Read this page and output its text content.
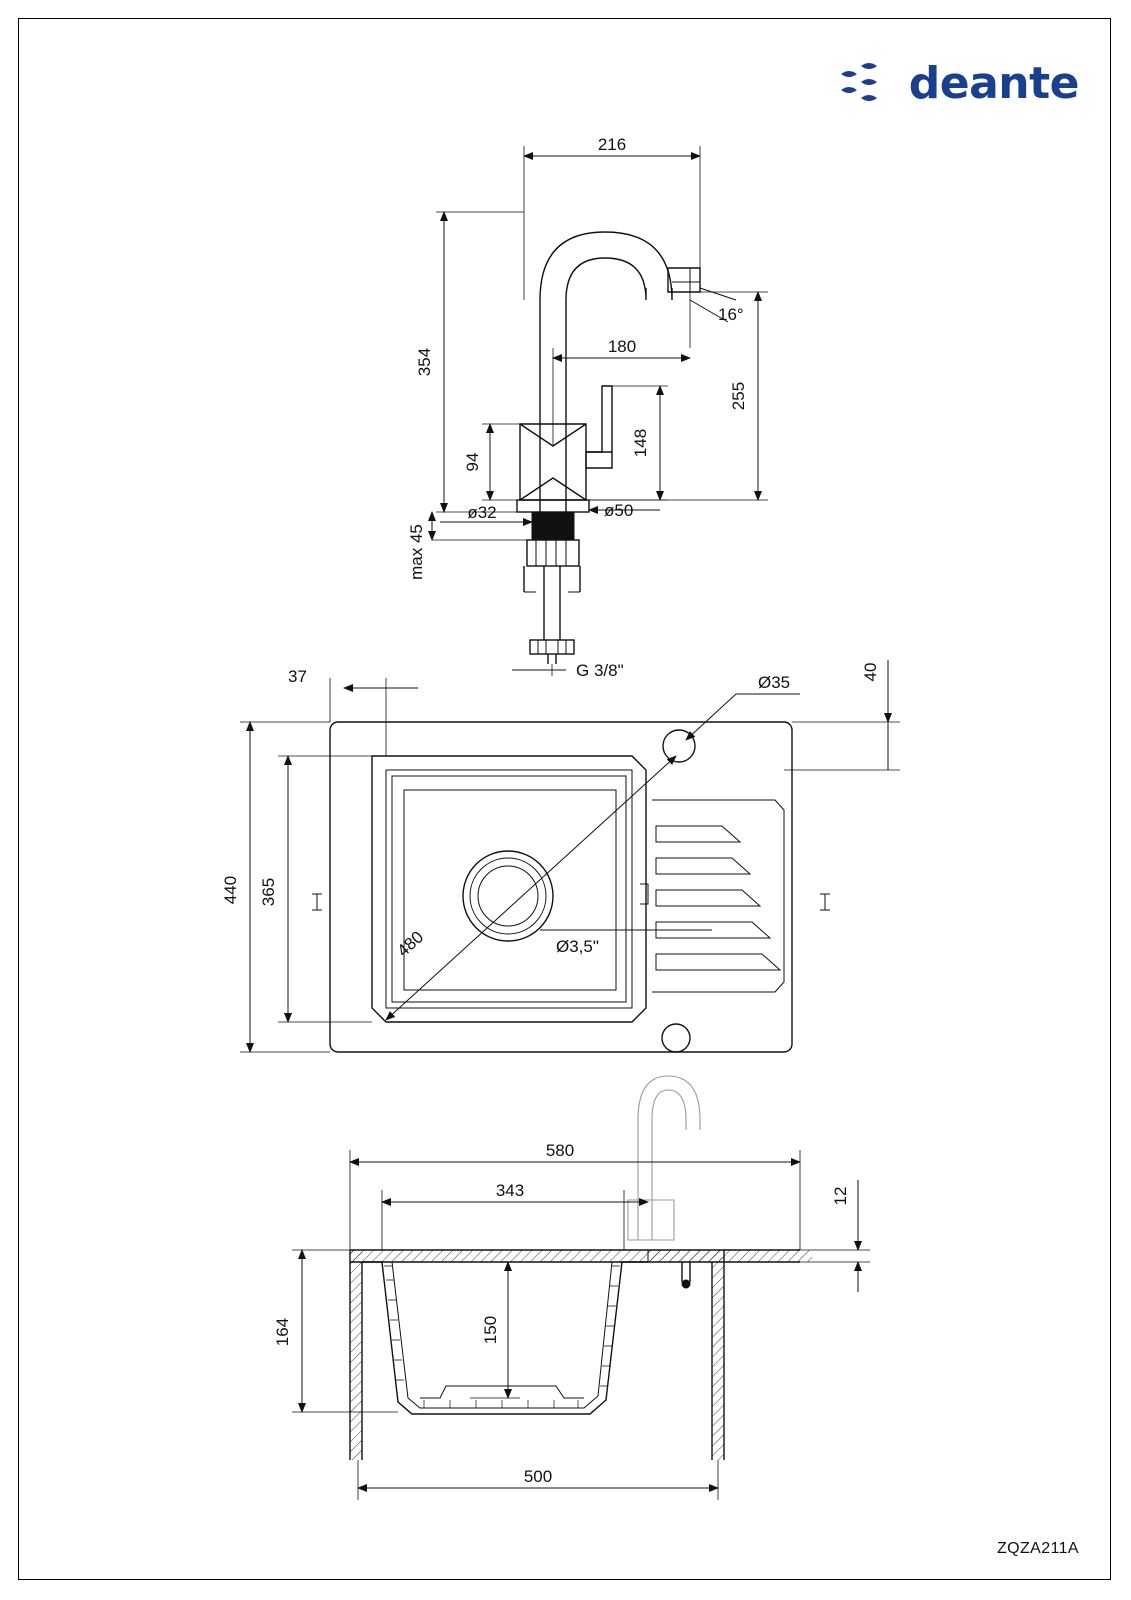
deante
ZQZA211A
216
354
255
180
16°
148
94
ø32	ø50
max 45
G 3/8"
480	Ø3,5"
Ø35
37	40
440 365
580
343	12
164	150
500
